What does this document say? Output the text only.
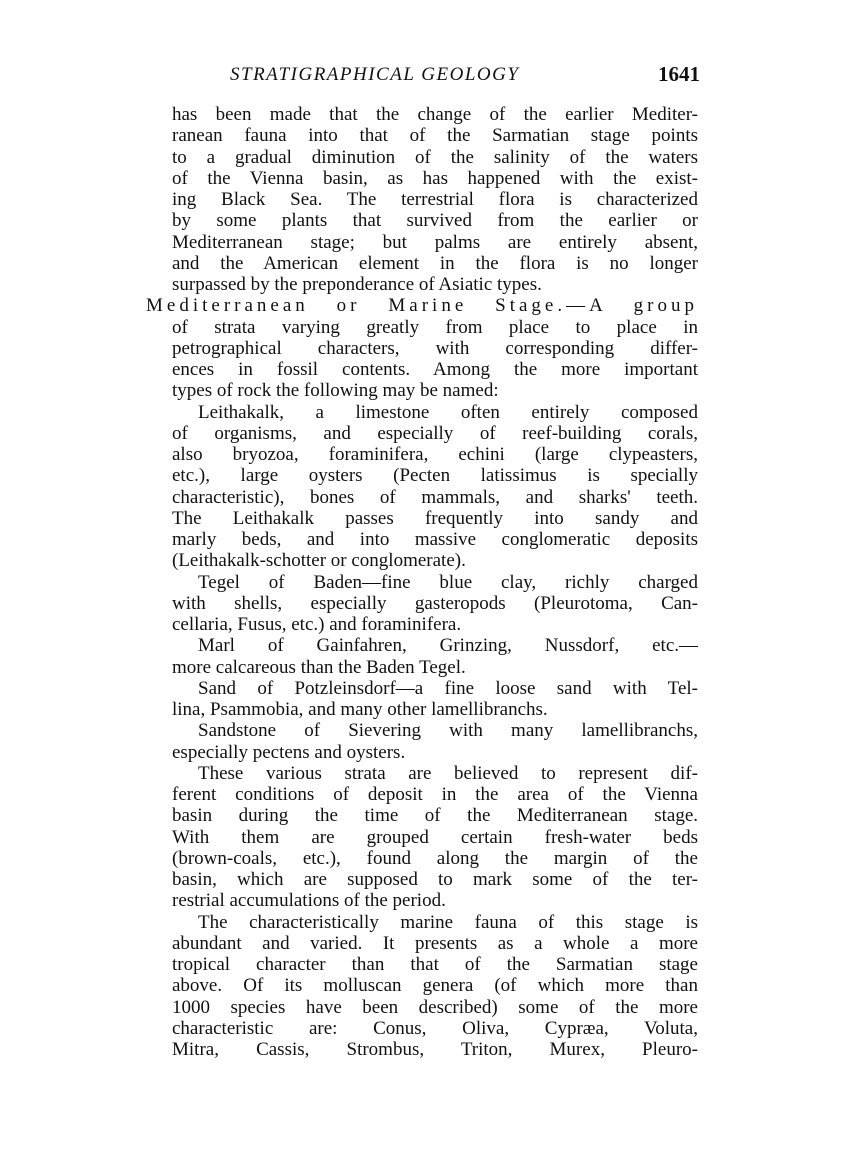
STRATIGRAPHICAL GEOLOGY	1641
has been made that the change of the earlier Mediter-
ranean fauna into that of the Sarmatian stage points
to a gradual diminution of the salinity of the waters
of the Vienna basin, as has happened with the exist-
ing Black Sea. The terrestrial flora is characterized
by some plants that survived from the earlier or
Mediterranean stage; but palms are entirely absent,
and the American element in the flora is no longer
surpassed by the preponderance of Asiatic types.
Mediterranean or Marine Stage.—A group
of strata varying greatly from place to place in
petrographical characters, with corresponding differ-
ences in fossil contents. Among the more important
types of rock the following may be named:
Leithakalk, a limestone often entirely composed
of organisms, and especially of reef-building corals,
also bryozoa, foraminifera, echini (large clypeasters,
etc.), large oysters (Pecten latissimus is specially
characteristic), bones of mammals, and sharks' teeth.
The Leithakalk passes frequently into sandy and
marly beds, and into massive conglomeratic deposits
(Leithakalk-schotter or conglomerate).
Tegel of Baden—fine blue clay, richly charged
with shells, especially gasteropods (Pleurotoma, Can-
cellaria, Fusus, etc.) and foraminifera.
Marl of Gainfahren, Grinzing, Nussdorf, etc.—
more calcareous than the Baden Tegel.
Sand of Potzleinsdorf—a fine loose sand with Tel-
lina, Psammobia, and many other lamellibranchs.
Sandstone of Sievering with many lamellibranchs,
especially pectens and oysters.
These various strata are believed to represent dif-
ferent conditions of deposit in the area of the Vienna
basin during the time of the Mediterranean stage.
With them are grouped certain fresh-water beds
(brown-coals, etc.), found along the margin of the
basin, which are supposed to mark some of the ter-
restrial accumulations of the period.
The characteristically marine fauna of this stage is
abundant and varied. It presents as a whole a more
tropical character than that of the Sarmatian stage
above. Of its molluscan genera (of which more than
1000 species have been described) some of the more
characteristic are: Conus, Oliva, Cypræa, Voluta,
Mitra, Cassis, Strombus, Triton, Murex, Pleuro-
